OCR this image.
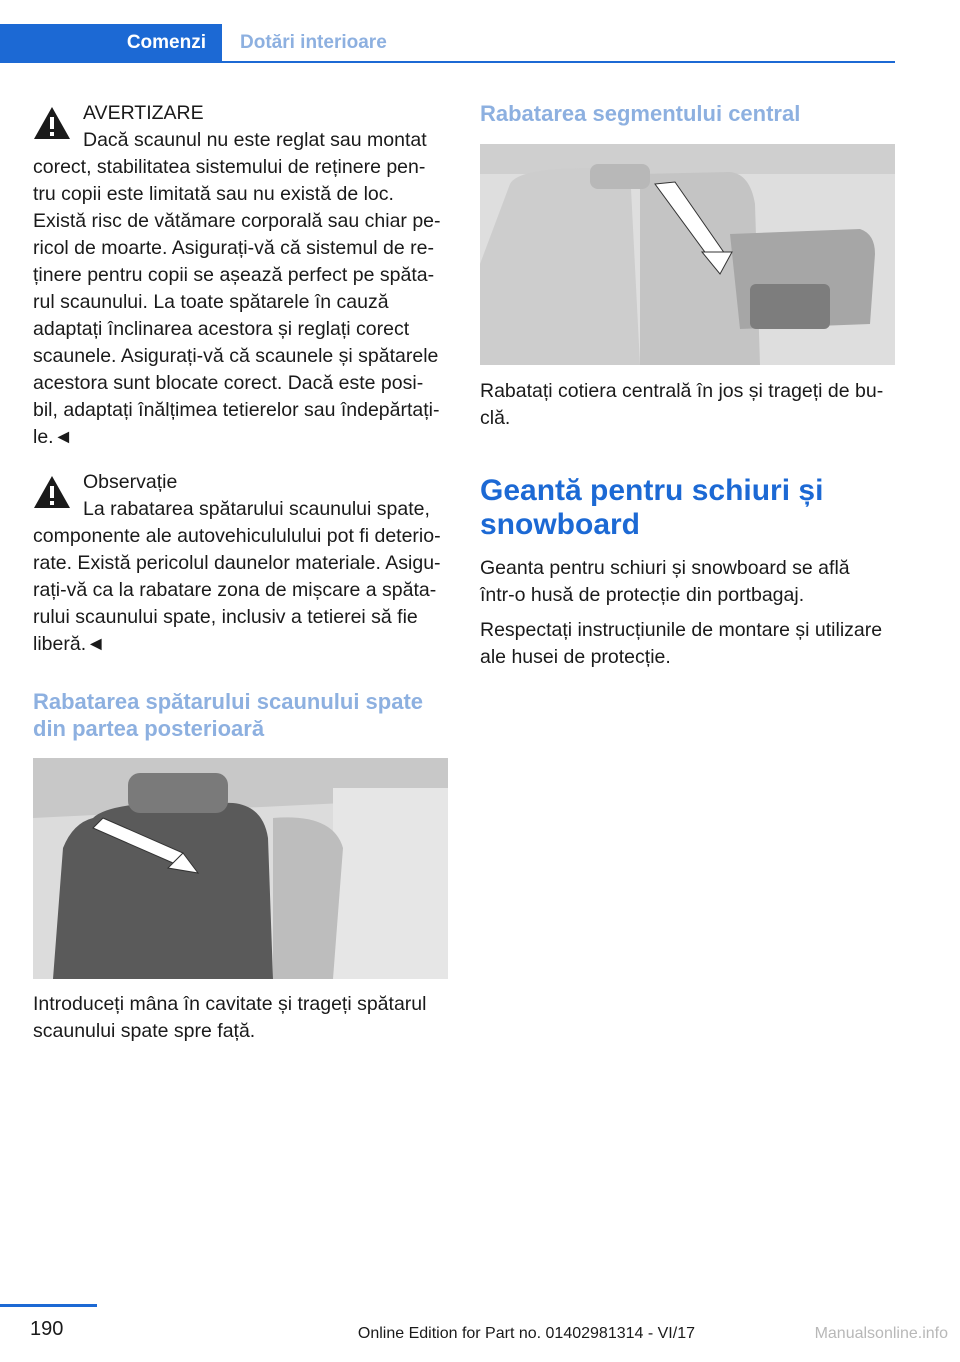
Comenzi	Dotări interioare

AVERTIZARE

Dacă scaunul nu este reglat sau montat

corect, stabilitatea sistemului de reținere pen‐

tru copii este limitată sau nu există de loc.

Există risc de vătămare corporală sau chiar pe‐

ricol de moarte. Asigurați-vă că sistemul de re‐

ținere pentru copii se așează perfect pe spăta‐

rul scaunului. La toate spătarele în cauză

adaptați înclinarea acestora și reglați corect

scaunele. Asigurați-vă că scaunele și spătarele

acestora sunt blocate corect. Dacă este posi‐

bil, adaptați înălțimea tetierelor sau îndepărtați-

le.◄

Observație

La rabatarea spătarului scaunului spate,

componente ale autovehicululului pot fi deterio‐

rate. Există pericolul daunelor materiale. Asigu‐

rați-vă ca la rabatare zona de mișcare a spăta‐

rului scaunului spate, inclusiv a tetierei să fie

liberă.◄

Rabatarea spătarului scaunului spate

din partea posterioară

Introduceți mâna în cavitate și trageți spătarul

scaunului spate spre față.

Rabatarea segmentului central

Rabatați cotiera centrală în jos și trageți de bu‐

clă.

Geantă pentru schiuri și

snowboard

Geanta pentru schiuri și snowboard se află

într-o husă de protecție din portbagaj.

Respectați instrucțiunile de montare și utilizare

ale husei de protecție.

190	Online Edition for Part no. 01402981314 - VI/17	Manualsonline.info
